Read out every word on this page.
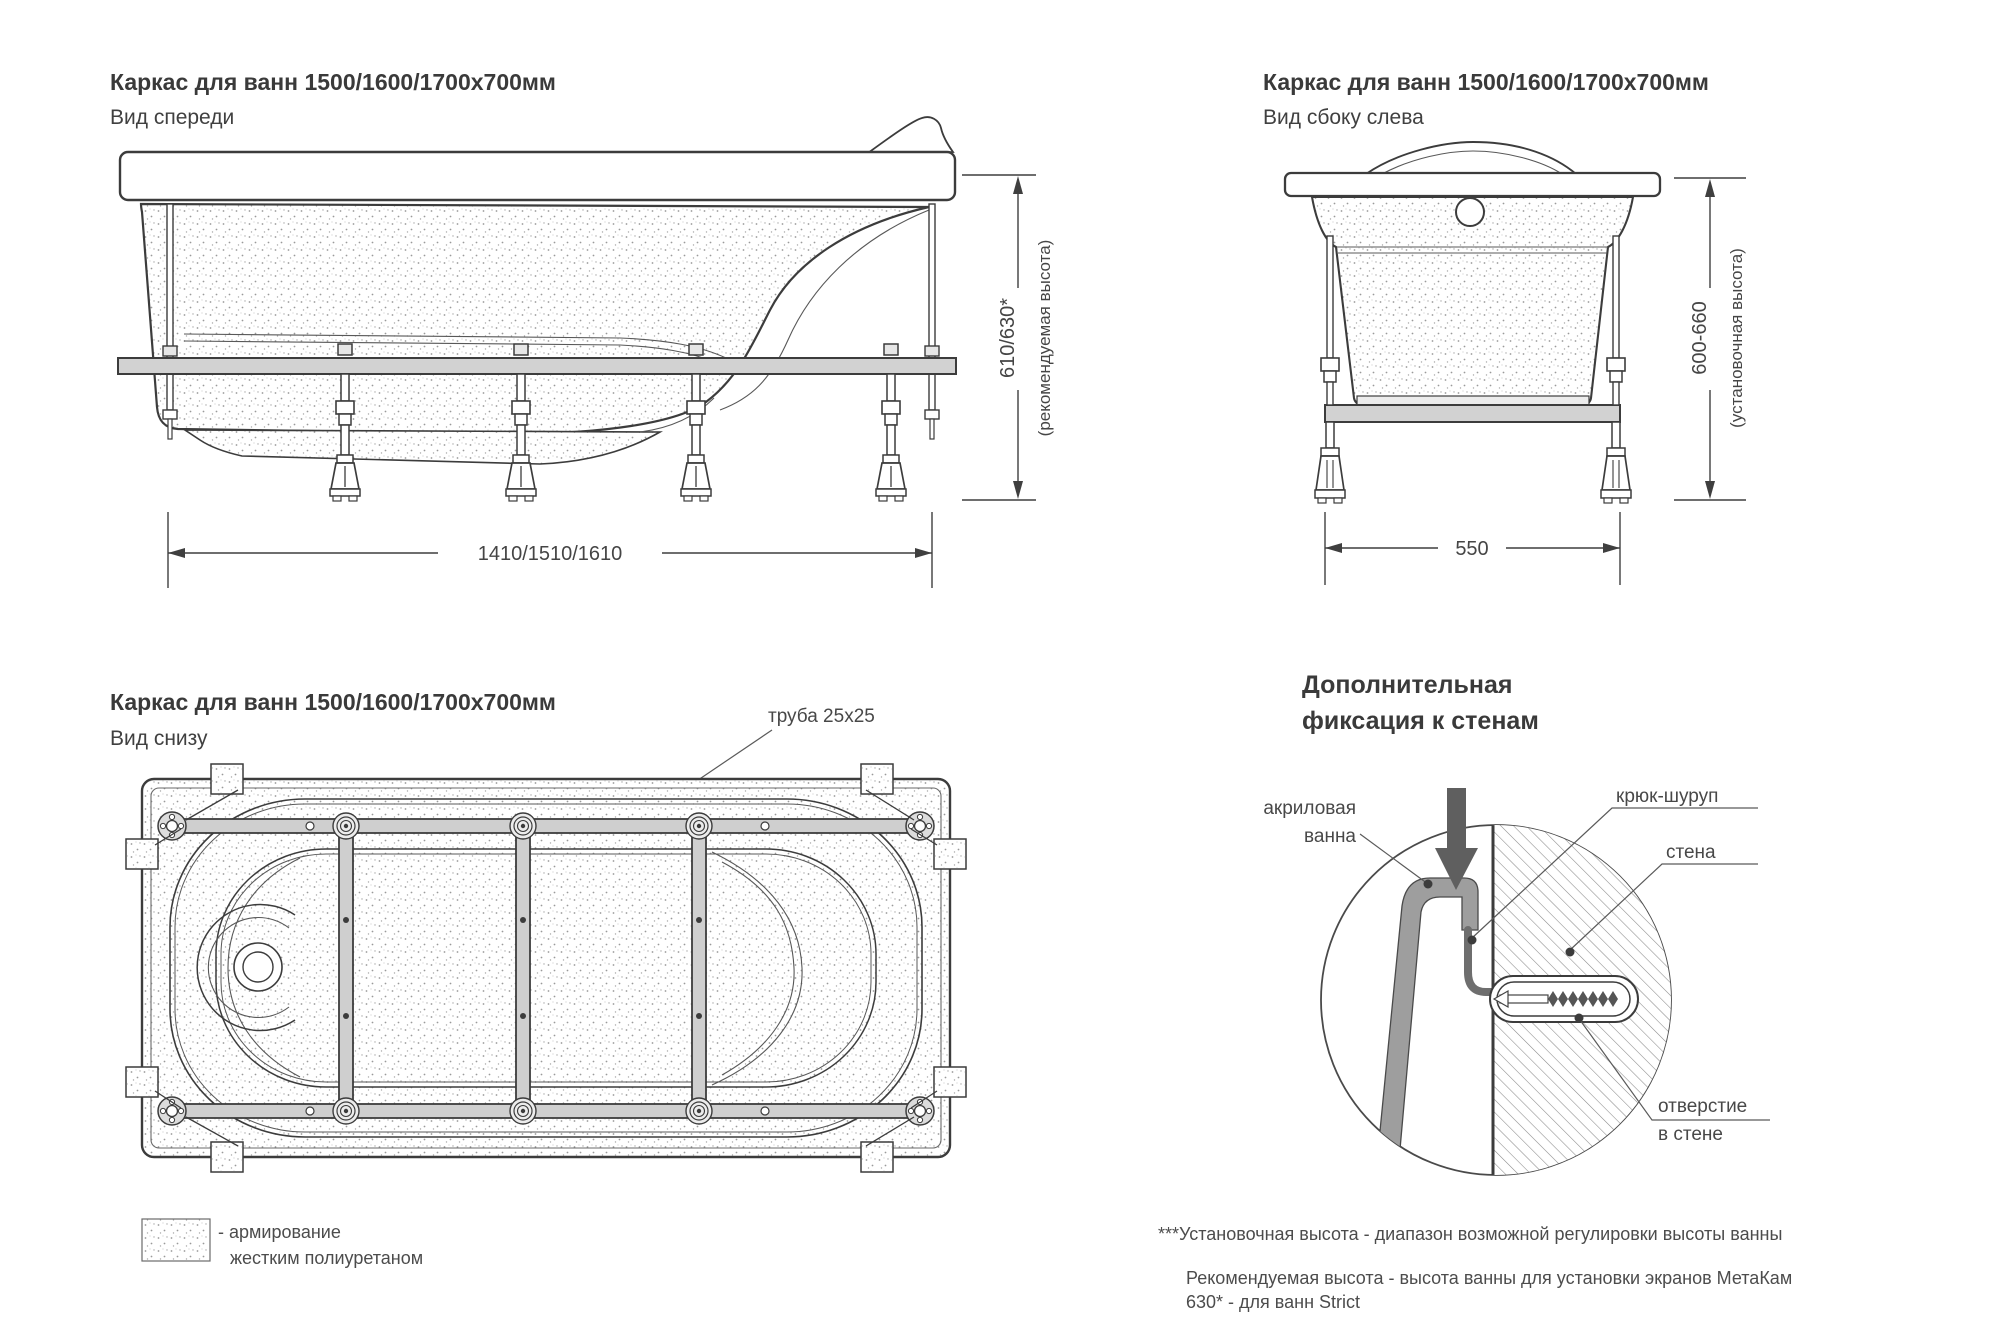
Каркас для ванн 1500/1600/1700x700мм
Вид спереди
1410/1510/1610
610/630* (рекомендуемая высота)
Каркас для ванн 1500/1600/1700x700мм
Вид сбоку слева
550
600-660 (установочная высота)
Каркас для ванн 1500/1600/1700x700мм
Вид снизу
труба 25х25
- армирование
жестким полиуретаном
Дополнительная
фиксация к стенам
акриловая
ванна
крюк-шуруп
стена
отверстие
в стене
***Установочная высота - диапазон возможной регулировки высоты ванны
Рекомендуемая высота - высота ванны для установки экранов МетаКам
630* - для ванн Strict
